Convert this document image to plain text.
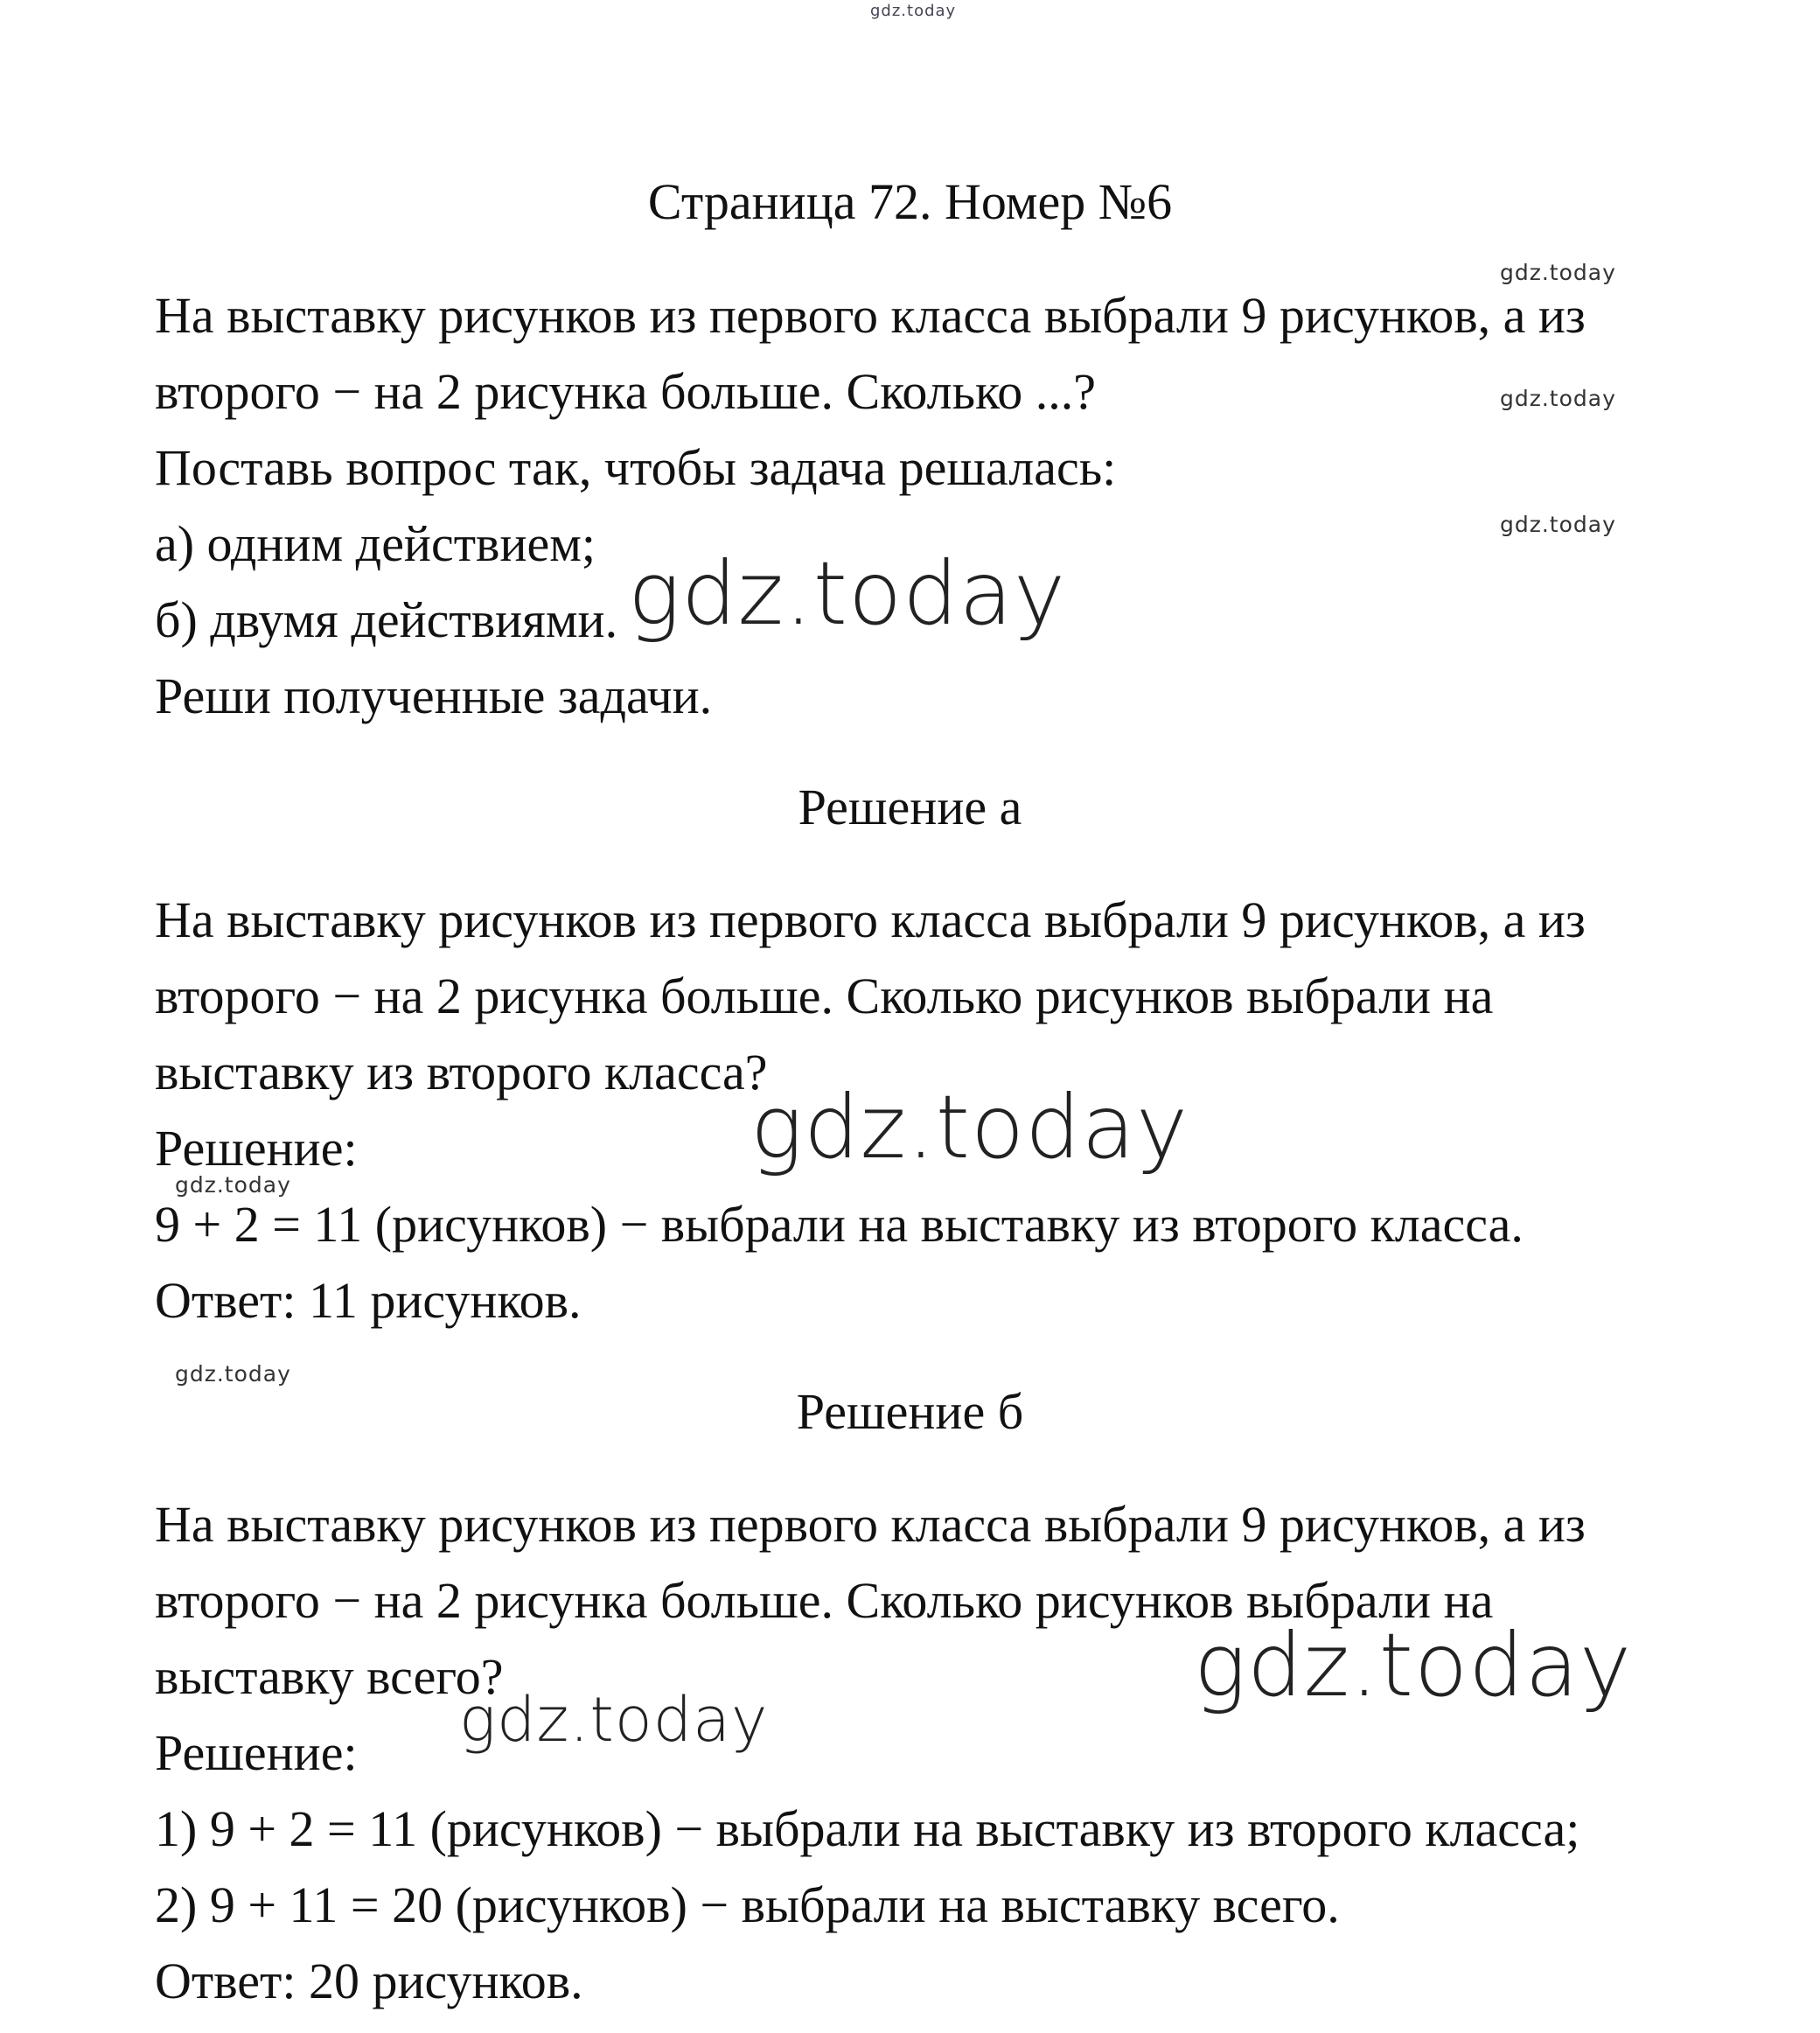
gdz.today
Страница 72. Номер №6
На выставку рисунков из первого класса выбрали 9 рисунков, а из
второго − на 2 рисунка больше. Сколько ...?
Поставь вопрос так, чтобы задача решалась:
а) одним действием;
б) двумя действиями.
Реши полученные задачи.
Решение а
На выставку рисунков из первого класса выбрали 9 рисунков, а из
второго − на 2 рисунка больше. Сколько рисунков выбрали на
выставку из второго класса?
Решение:
9 + 2 = 11 (рисунков) − выбрали на выставку из второго класса.
Ответ: 11 рисунков.
Решение б
На выставку рисунков из первого класса выбрали 9 рисунков, а из
второго − на 2 рисунка больше. Сколько рисунков выбрали на
выставку всего?
Решение:
1) 9 + 2 = 11 (рисунков) − выбрали на выставку из второго класса;
2) 9 + 11 = 20 (рисунков) − выбрали на выставку всего.
Ответ: 20 рисунков.
gdz.today
gdz.today
gdz.today
gdz.today
gdz.today
gdz.today
gdz.today
gdz.today
gdz.today
